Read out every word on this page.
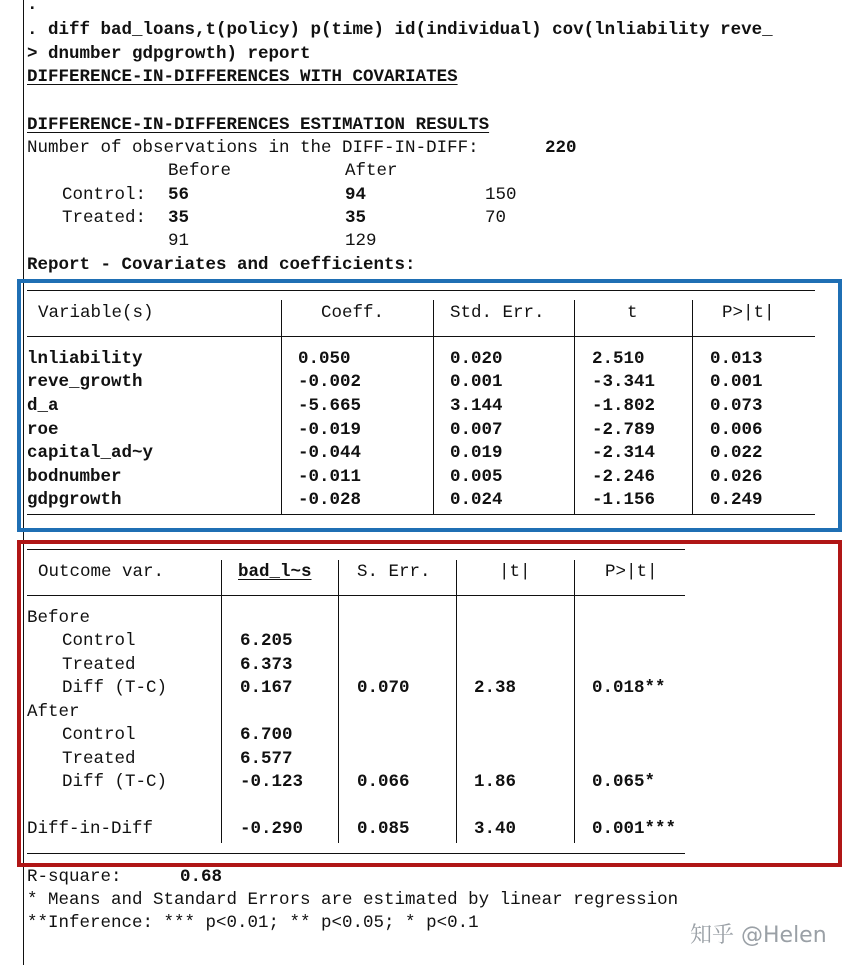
.
. diff bad_loans,t(policy) p(time) id(individual) cov(lnliability reve_
> dnumber gdpgrowth) report
DIFFERENCE-IN-DIFFERENCES WITH COVARIATES
DIFFERENCE-IN-DIFFERENCES ESTIMATION RESULTS
Number of observations in the DIFF-IN-DIFF:	220
Before	After
Control: 56	94	150
Treated: 35	35	70
91	129
Report - Covariates and coefficients:
Variable(s)	Coeff.	Std. Err.	t	P>|t|
lnliability	0.050	0.020	2.510	0.013
reve_growth	-0.002	0.001	-3.341	0.001
d_a	-5.665	3.144	-1.802	0.073
roe	-0.019	0.007	-2.789	0.006
capital_ad~y	-0.044	0.019	-2.314	0.022
bodnumber	-0.011	0.005	-2.246	0.026
gdpgrowth	-0.028	0.024	-1.156	0.249
Outcome var.	bad_l~s	S. Err.	|t|	P>|t|
Before
Control	6.205
Treated	6.373
Diff (T-C)	0.167	0.070	2.38	0.018**
After
Control	6.700
Treated	6.577
Diff (T-C)	-0.123	0.066	1.86	0.065*
Diff-in-Diff	-0.290	0.085	3.40	0.001***
R-square:	0.68
* Means and Standard Errors are estimated by linear regression
**Inference: *** p<0.01; ** p<0.05; * p<0.1	知乎 @Helen
